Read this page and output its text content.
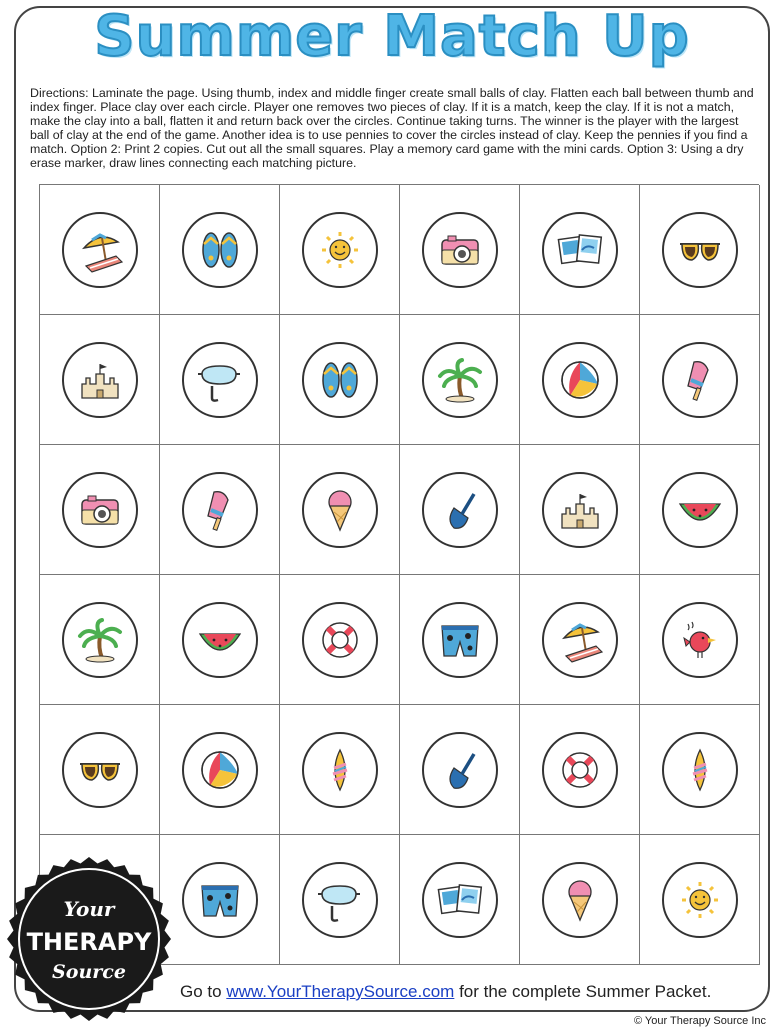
Summer Match Up

Directions: Laminate the page. Using thumb, index and middle finger create small balls of clay. Flatten each ball between thumb and index finger. Place clay over each circle. Player one removes two pieces of clay. If it is a match, keep the clay. If it is not a match, make the clay into a ball, flatten it and return back over the circles. Continue taking turns. The winner is the player with the largest ball of clay at the end of the game. Another idea is to use pennies to cover the circles instead of clay. Keep the pennies if you find a match. Option 2: Print 2 copies. Cut out all the small squares. Play a memory card game with the mini cards. Option 3: Using a dry erase marker, draw lines connecting each matching picture.

Your
THERAPY
Source

Go to www.YourTherapySource.com for the complete Summer Packet.

© Your Therapy Source Inc
